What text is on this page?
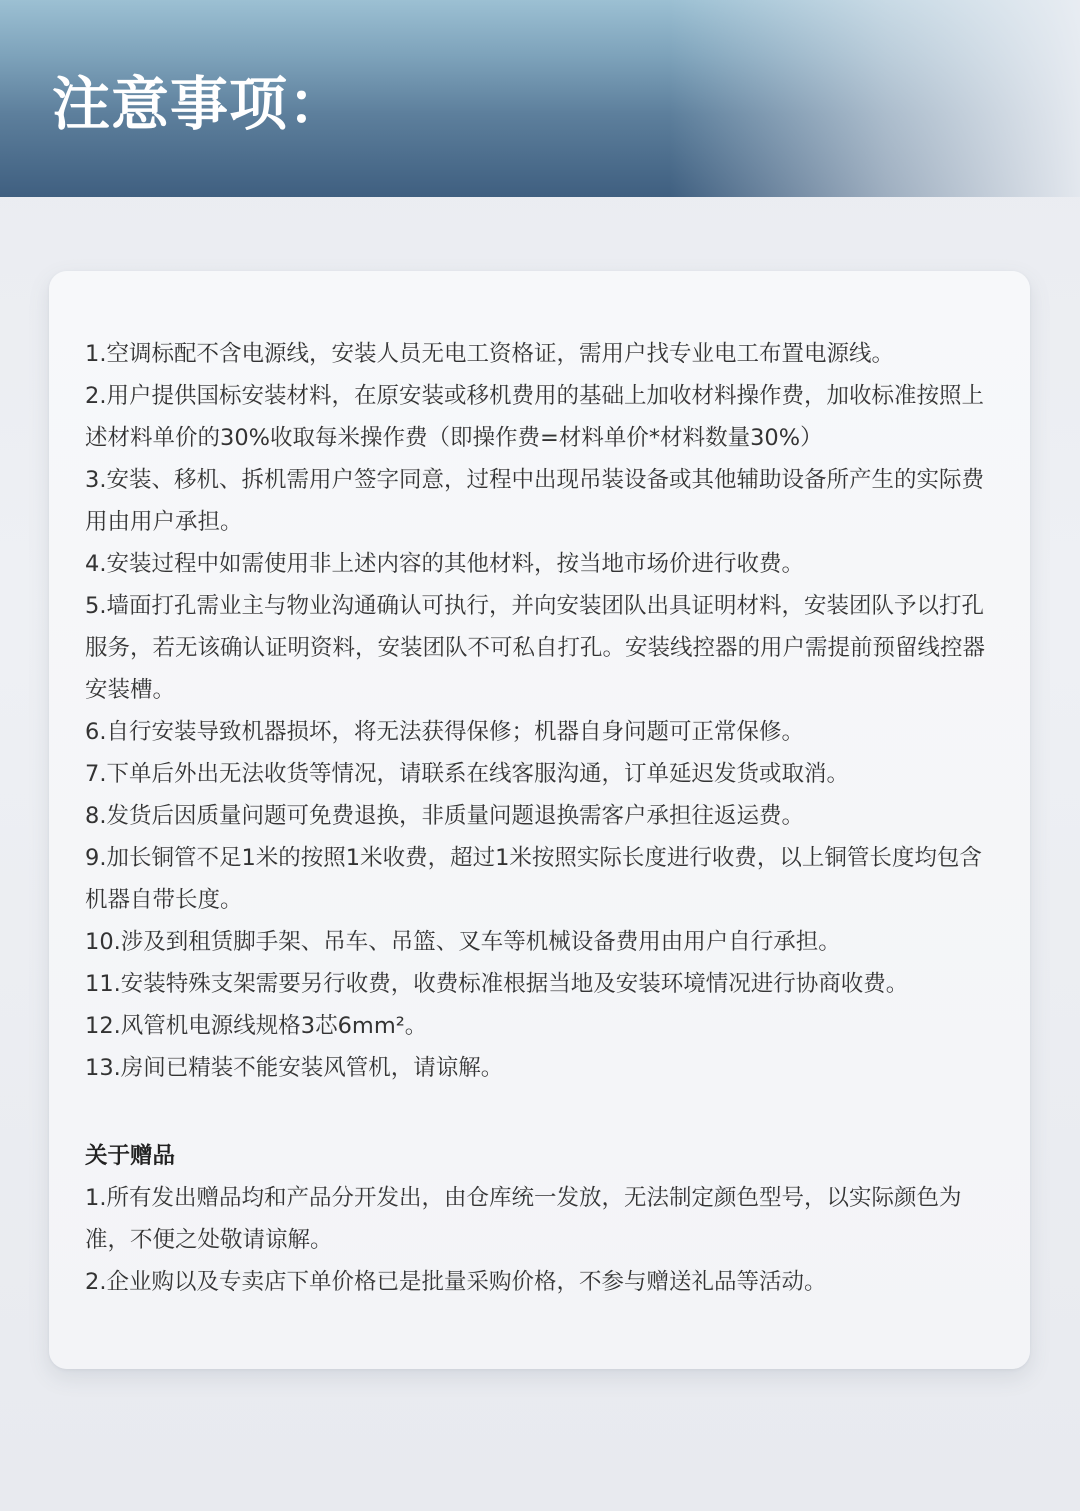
注意事项：
1.空调标配不含电源线，安装人员无电工资格证，需用户找专业电工布置电源线。
2.用户提供国标安装材料，在原安装或移机费用的基础上加收材料操作费，加收标准按照上述材料单价的30%收取每米操作费（即操作费=材料单价*材料数量30%）
3.安装、移机、拆机需用户签字同意，过程中出现吊装设备或其他辅助设备所产生的实际费用由用户承担。
4.安装过程中如需使用非上述内容的其他材料，按当地市场价进行收费。
5.墙面打孔需业主与物业沟通确认可执行，并向安装团队出具证明材料，安装团队予以打孔服务，若无该确认证明资料，安装团队不可私自打孔。安装线控器的用户需提前预留线控器安装槽。
6.自行安装导致机器损坏，将无法获得保修；机器自身问题可正常保修。
7.下单后外出无法收货等情况，请联系在线客服沟通，订单延迟发货或取消。
8.发货后因质量问题可免费退换，非质量问题退换需客户承担往返运费。
9.加长铜管不足1米的按照1米收费，超过1米按照实际长度进行收费，以上铜管长度均包含机器自带长度。
10.涉及到租赁脚手架、吊车、吊篮、叉车等机械设备费用由用户自行承担。
11.安装特殊支架需要另行收费，收费标准根据当地及安装环境情况进行协商收费。
12.风管机电源线规格3芯6mm²。
13.房间已精装不能安装风管机，请谅解。
关于赠品
1.所有发出赠品均和产品分开发出，由仓库统一发放，无法制定颜色型号，以实际颜色为准，不便之处敬请谅解。
2.企业购以及专卖店下单价格已是批量采购价格，不参与赠送礼品等活动。
